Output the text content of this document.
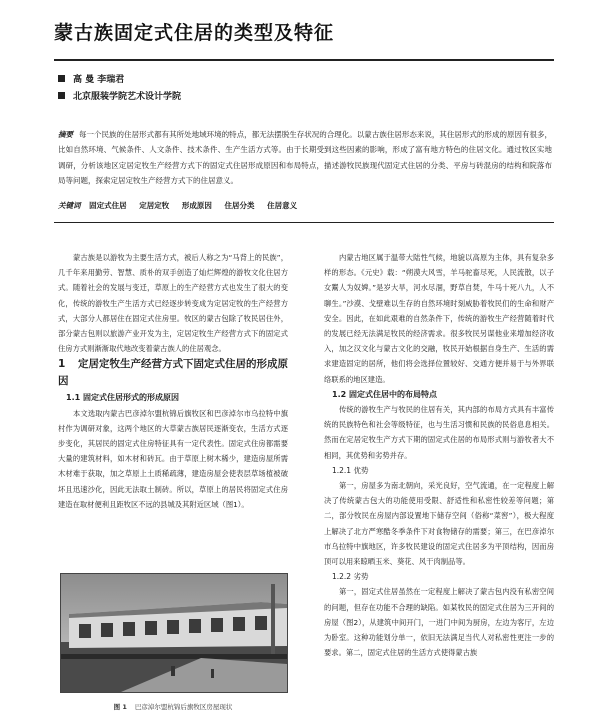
蒙古族固定式住居的类型及特征
高 曼 李瑞君
北京服装学院艺术设计学院
摘要 每一个民族的住居形式都有其所处地域环境的特点，都无法摆脱生存状况的合理化。以蒙古族住居形态来说，其住居形式的形成的原因有很多，比如自然环境、气候条件、人文条件、技术条件、生产生活方式等。由于长期受到这些因素的影响，形成了富有地方特色的住居文化。通过牧区实地调研，分析该地区定居定牧生产经营方式下的固定式住居形成原因和布局特点，描述游牧民族现代固定式住居的分类、平房与砖混房的结构和院落布局等问题，探索定居定牧生产经营方式下的住居意义。
关键词 固定式住居 定居定牧 形成原因 住居分类 住居意义

蒙古族是以游牧为主要生活方式，被后人称之为“马背上的民族”，几千年来用勤劳、智慧、质朴的双手创造了灿烂辉煌的游牧文化住居方式。随着社会的发展与变迁，草原上的生产经营方式也发生了很大的变化，传统的游牧生产生活方式已经逐步转变成为定居定牧的生产经营方式，大部分人都居住在固定式住房里。牧区的蒙古包除了牧民居住外，部分蒙古包则以旅游产业开发为主，定居定牧生产经营方式下的固定式住房方式则渐渐取代地改变着蒙古族人的住居观念。

1 定居定牧生产经营方式下固定式住居的形成原因

1.1 固定式住居形式的形成原因

本文选取内蒙古巴彦淖尔盟杭锦后旗牧区和巴彦淖尔市乌拉特中旗村作为调研对象，这两个地区的大草蒙古族居民逐渐变农，生活方式逐步变化，其居民的固定式住房特征具有一定代表性。固定式住房都需要大量的建筑材料，如木材和砖瓦。由于草原上树木稀少，建造房屋所需木材难于获取，加之草原上土质稀疏薄，建造房屋会使表层草场植被破坏且迅速沙化，因此无法取土制砖。所以，草原上的居民将固定式住房建造在取材便利且距牧区不远的县城及其附近区域（图1）。

图 1 巴彦淖尔盟杭锦后旗牧区房屋现状

内蒙古地区属于温带大陆性气候，地貌以高原为主体，具有复杂多样的形态。《元史》载：“朔漠大风雪，羊马驼畜尽死，人民流散，以子女鬻人为奴婢。”是岁大旱，河水尽涸，野草自焚，牛马十死八九，人不聊生。”沙漠、戈壁难以生存的自然环境时刻威胁着牧民们的生命和财产安全。因此，在如此艰难的自然条件下，传统的游牧生产经营随着时代的发展已经无法满足牧民的经济需求。很多牧民另谋他业来增加经济收入，加之汉文化与蒙古文化的交融，牧民开始根据自身生产、生活的需求建造固定的居所，他们将会选择位置较好、交通方便并易于与外界联络联系的地区建造。

1.2 固定式住居中的布局特点

传统的游牧生产与牧民的住居有关，其内部的布局方式具有丰富传统的民族特色和社会等级特征，也与生活习惯和民族的民俗息息相关。然而在定居定牧生产方式下期的固定式住居的布局形式则与游牧者大不相同，其优势和劣势并存。

1.2.1 优势

第一，房屋多为南北朝向，采光良好，空气流通，在一定程度上解决了传统蒙古包大的功能使用受限、舒适性和私密性较差等问题；第二，部分牧民在房屋内部设置地下储存空间（俗称“菜窖”），极大程度上解决了北方严寒酷冬季条件下对食物储存的需要；第三，在巴彦淖尔市乌拉特中旗地区，许多牧民建设的固定式住居多为平顶结构，因而房顶可以用来晾晒玉米、葵花、风干肉制品等。

1.2.2 劣势

第一，固定式住居虽然在一定程度上解决了蒙古包内没有私密空间的问题，但存在功能不合理的缺陷。如某牧民的固定式住居为三开间的房屋（图2），从建筑中间开门，一进门中间为厨房，左边为客厅，左边为卧室。这种功能划分单一，依旧无法满足当代人对私密性更注一步的要求。第二，固定式住居的生活方式使得蒙古族
